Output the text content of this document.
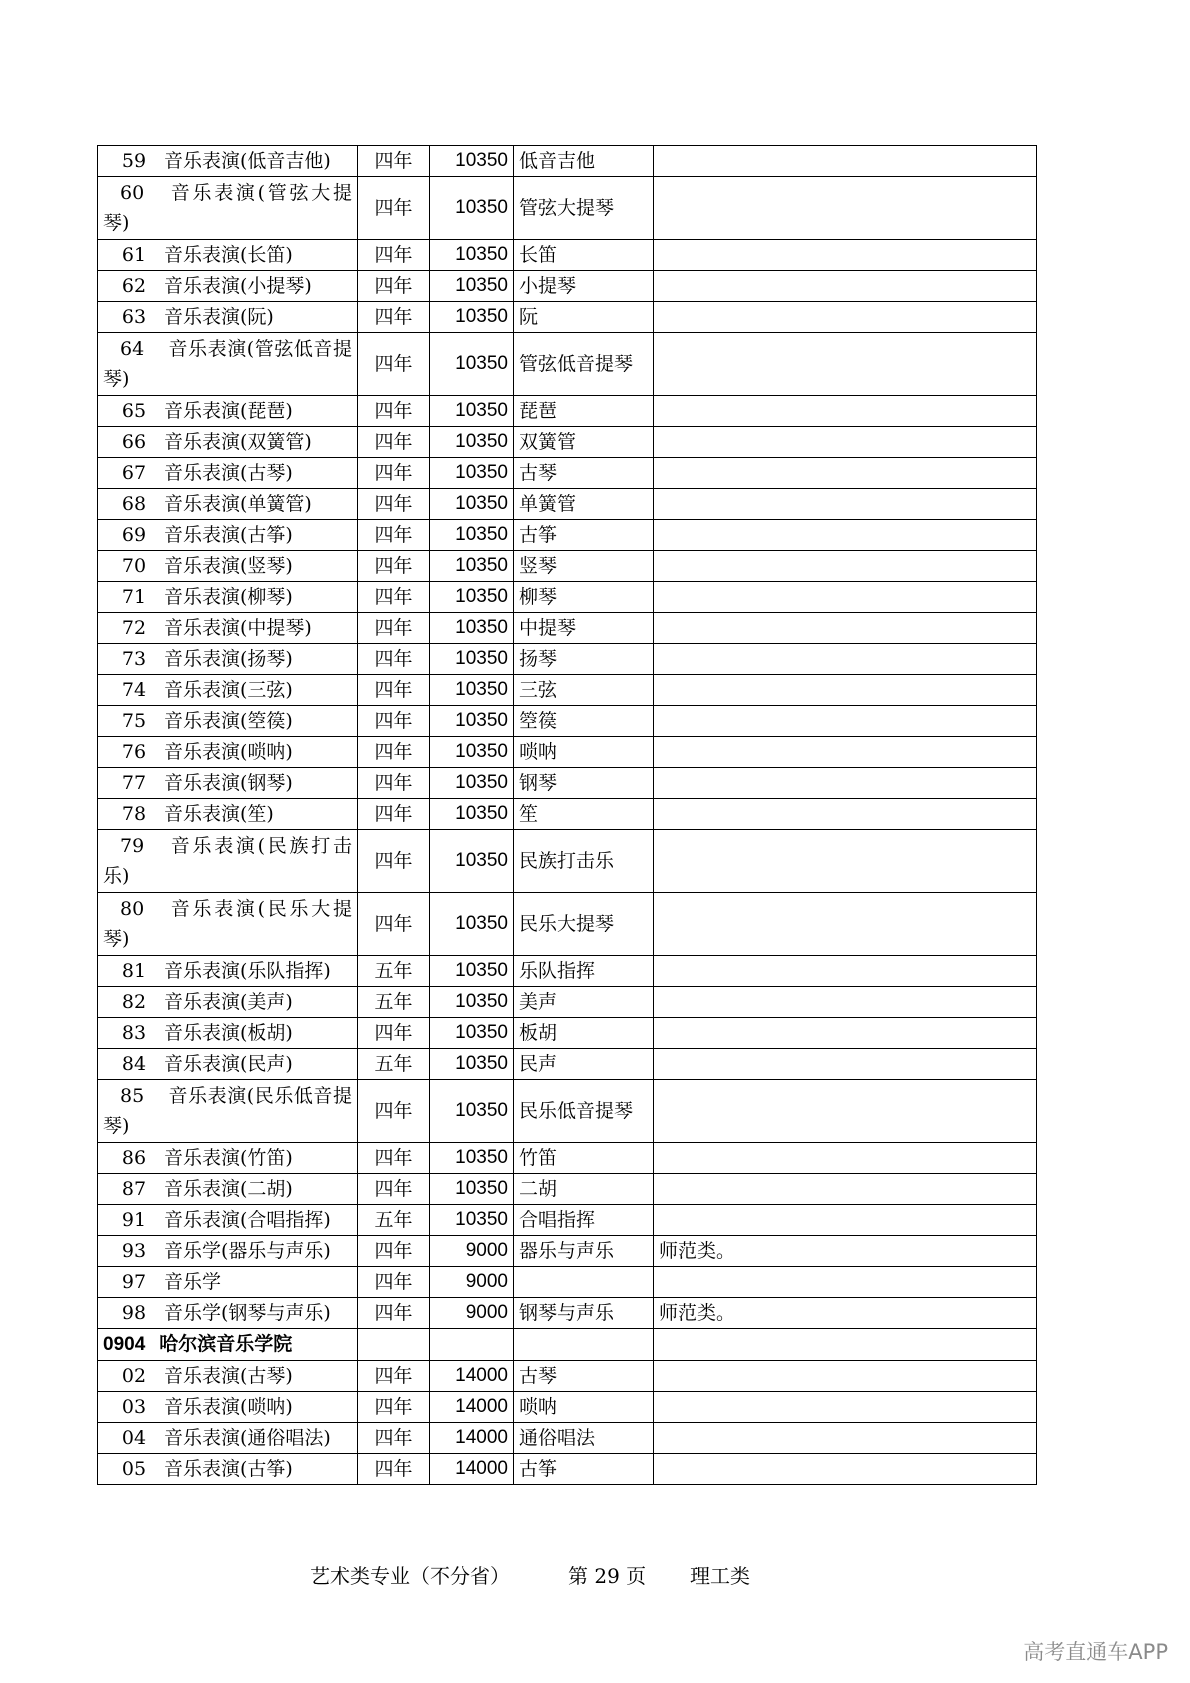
59 音乐表演(低音吉他)	四年	10350	低音吉他	
60 音乐表演(管弦大提琴)	四年	10350	管弦大提琴	
61 音乐表演(长笛)	四年	10350	长笛	
62 音乐表演(小提琴)	四年	10350	小提琴	
63 音乐表演(阮)	四年	10350	阮	
64 音乐表演(管弦低音提琴)	四年	10350	管弦低音提琴	
65 音乐表演(琵琶)	四年	10350	琵琶	
66 音乐表演(双簧管)	四年	10350	双簧管	
67 音乐表演(古琴)	四年	10350	古琴	
68 音乐表演(单簧管)	四年	10350	单簧管	
69 音乐表演(古筝)	四年	10350	古筝	
70 音乐表演(竖琴)	四年	10350	竖琴	
71 音乐表演(柳琴)	四年	10350	柳琴	
72 音乐表演(中提琴)	四年	10350	中提琴	
73 音乐表演(扬琴)	四年	10350	扬琴	
74 音乐表演(三弦)	四年	10350	三弦	
75 音乐表演(箜篌)	四年	10350	箜篌	
76 音乐表演(唢呐)	四年	10350	唢呐	
77 音乐表演(钢琴)	四年	10350	钢琴	
78 音乐表演(笙)	四年	10350	笙	
79 音乐表演(民族打击乐)	四年	10350	民族打击乐	
80 音乐表演(民乐大提琴)	四年	10350	民乐大提琴	
81 音乐表演(乐队指挥)	五年	10350	乐队指挥	
82 音乐表演(美声)	五年	10350	美声	
83 音乐表演(板胡)	四年	10350	板胡	
84 音乐表演(民声)	五年	10350	民声	
85 音乐表演(民乐低音提琴)	四年	10350	民乐低音提琴	
86 音乐表演(竹笛)	四年	10350	竹笛	
87 音乐表演(二胡)	四年	10350	二胡	
91 音乐表演(合唱指挥)	五年	10350	合唱指挥	
93 音乐学(器乐与声乐)	四年	9000	器乐与声乐	师范类。
97 音乐学	四年	9000		
98 音乐学(钢琴与声乐)	四年	9000	钢琴与声乐	师范类。
0904 哈尔滨音乐学院				
02 音乐表演(古琴)	四年	14000	古琴	
03 音乐表演(唢呐)	四年	14000	唢呐	
04 音乐表演(通俗唱法)	四年	14000	通俗唱法	
05 音乐表演(古筝)	四年	14000	古筝	
艺术类专业（不分省）	第 29 页 理工类
高考直通车APP
